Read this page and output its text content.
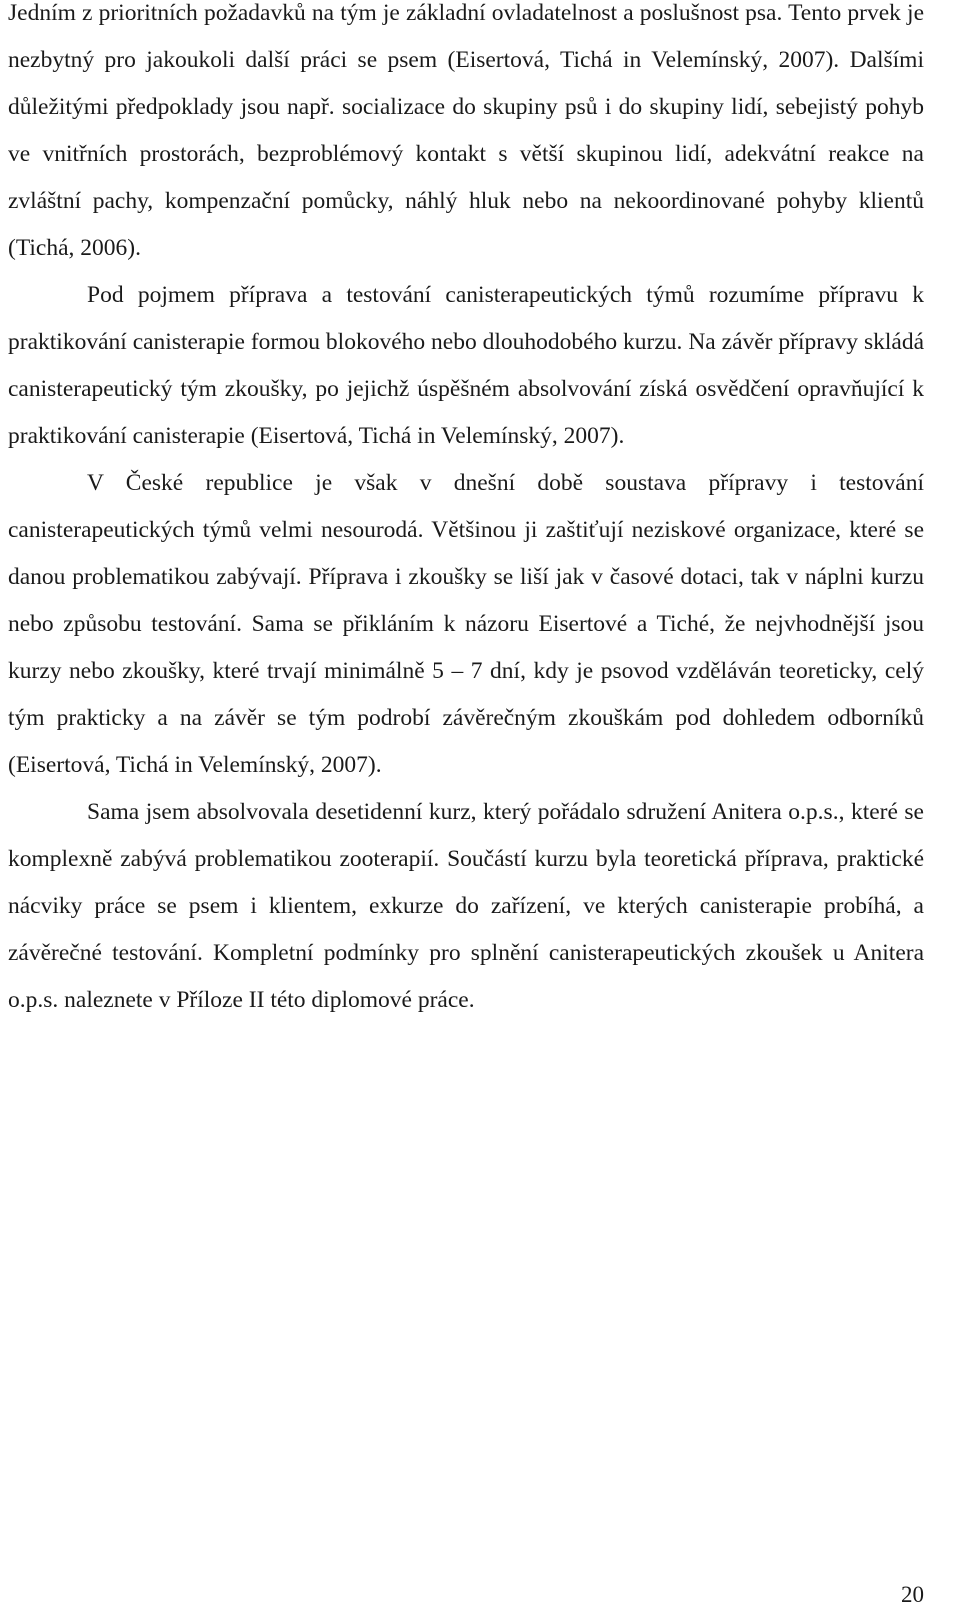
Jedním z prioritních požadavků na tým je základní ovladatelnost a poslušnost psa. Tento prvek je nezbytný pro jakoukoli další práci se psem (Eisertová, Tichá in Velemínský, 2007). Dalšími důležitými předpoklady jsou např. socializace do skupiny psů i do skupiny lidí, sebejistý pohyb ve vnitřních prostorách, bezproblémový kontakt s větší skupinou lidí, adekvátní reakce na zvláštní pachy, kompenzační pomůcky, náhlý hluk nebo na nekoordinované pohyby klientů (Tichá, 2006).

Pod pojmem příprava a testování canisterapeutických týmů rozumíme přípravu k praktikování canisterapie formou blokového nebo dlouhodobého kurzu. Na závěr přípravy skládá canisterapeutický tým zkoušky, po jejichž úspěšném absolvování získá osvědčení opravňující k praktikování canisterapie (Eisertová, Tichá in Velemínský, 2007).

V České republice je však v dnešní době soustava přípravy i testování canisterapeutických týmů velmi nesourodá. Většinou ji zaštiťují neziskové organizace, které se danou problematikou zabývají. Příprava i zkoušky se liší jak v časové dotaci, tak v náplni kurzu nebo způsobu testování. Sama se přikláním k názoru Eisertové a Tiché, že nejvhodnější jsou kurzy nebo zkoušky, které trvají minimálně 5 – 7 dní, kdy je psovod vzděláván teoreticky, celý tým prakticky a na závěr se tým podrobí závěrečným zkouškám pod dohledem odborníků (Eisertová, Tichá in Velemínský, 2007).

Sama jsem absolvovala desetidenní kurz, který pořádalo sdružení Anitera o.p.s., které se komplexně zabývá problematikou zooterapií. Součástí kurzu byla teoretická příprava, praktické nácviky práce se psem i klientem, exkurze do zařízení, ve kterých canisterapie probíhá, a závěrečné testování. Kompletní podmínky pro splnění canisterapeutických zkoušek u Anitera o.p.s. naleznete v Příloze II této diplomové práce.

20
